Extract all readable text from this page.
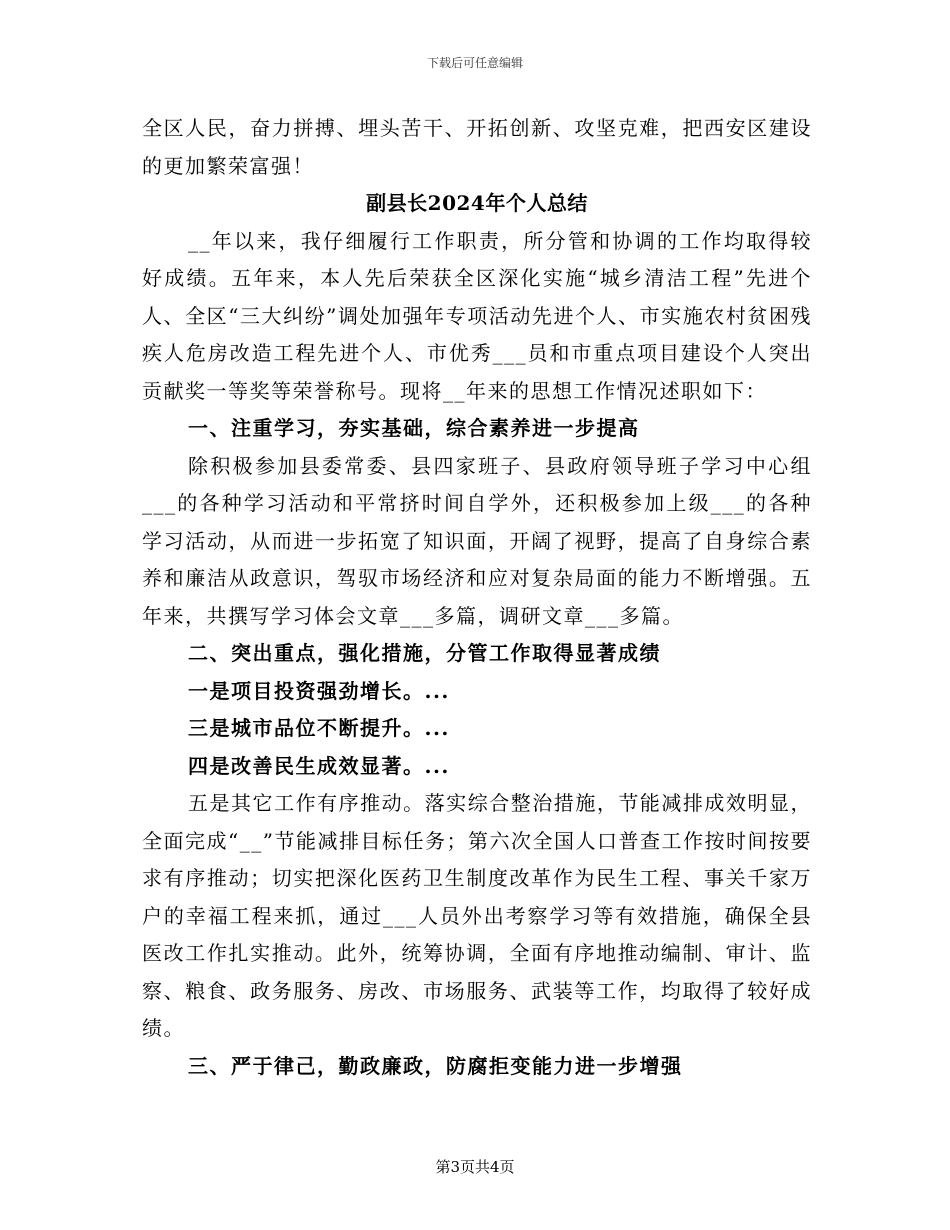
下载后可任意编辑

全区人民，奋力拼搏、埋头苦干、开拓创新、攻坚克难，把西安区建设的更加繁荣富强！

副县长2024年个人总结

__年以来，我仔细履行工作职责，所分管和协调的工作均取得较好成绩。五年来，本人先后荣获全区深化实施“城乡清洁工程”先进个人、全区“三大纠纷”调处加强年专项活动先进个人、市实施农村贫困残疾人危房改造工程先进个人、市优秀___员和市重点项目建设个人突出贡献奖一等奖等荣誉称号。现将__年来的思想工作情况述职如下：

一、注重学习，夯实基础，综合素养进一步提高

除积极参加县委常委、县四家班子、县政府领导班子学习中心组___的各种学习活动和平常挤时间自学外，还积极参加上级___的各种学习活动，从而进一步拓宽了知识面，开阔了视野，提高了自身综合素养和廉洁从政意识，驾驭市场经济和应对复杂局面的能力不断增强。五年来，共撰写学习体会文章___多篇，调研文章___多篇。

二、突出重点，强化措施，分管工作取得显著成绩

一是项目投资强劲增长。...

三是城市品位不断提升。...

四是改善民生成效显著。...

五是其它工作有序推动。落实综合整治措施，节能减排成效明显，全面完成“__”节能减排目标任务；第六次全国人口普查工作按时间按要求有序推动；切实把深化医药卫生制度改革作为民生工程、事关千家万户的幸福工程来抓，通过___人员外出考察学习等有效措施，确保全县医改工作扎实推动。此外，统筹协调，全面有序地推动编制、审计、监察、粮食、政务服务、房改、市场服务、武装等工作，均取得了较好成绩。

三、严于律己，勤政廉政，防腐拒变能力进一步增强

第3页共4页
